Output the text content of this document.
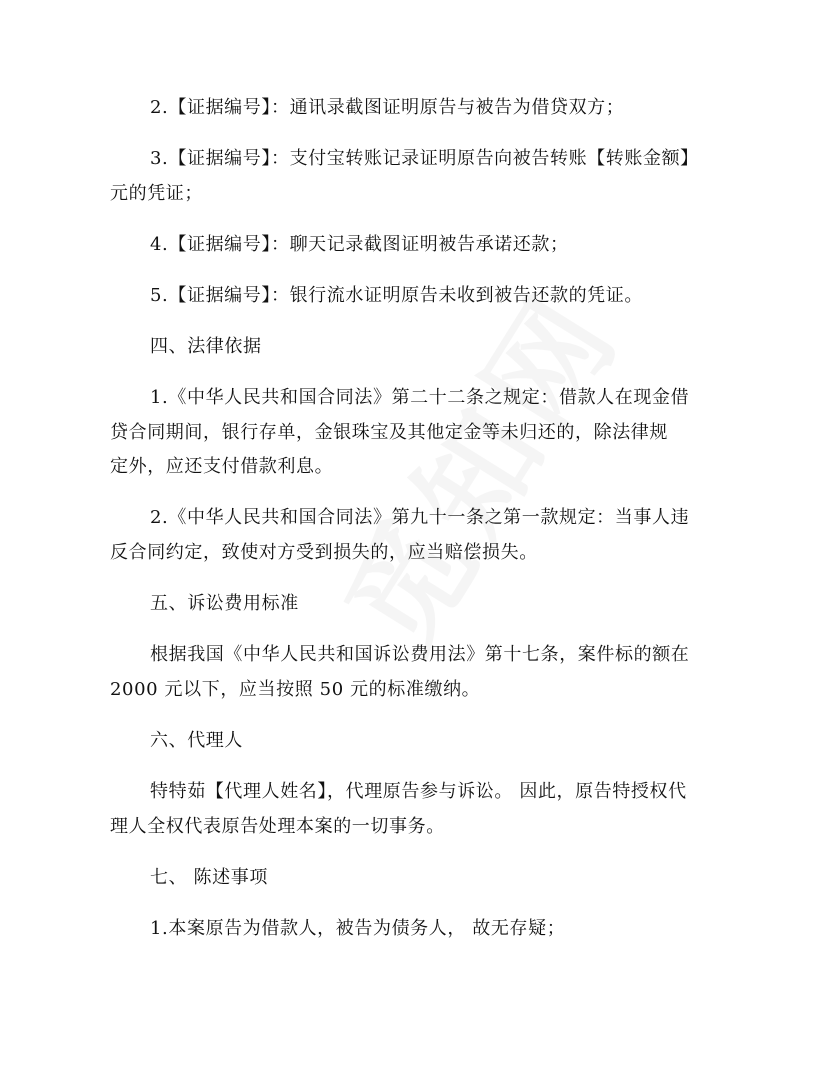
2.【证据编号】：通讯录截图证明原告与被告为借贷双方；
3.【证据编号】：支付宝转账记录证明原告向被告转账【转账金额】
元的凭证；
4.【证据编号】：聊天记录截图证明被告承诺还款；
5.【证据编号】：银行流水证明原告未收到被告还款的凭证。
四、法律依据
1.《中华人民共和国合同法》第二十二条之规定：借款人在现金借
贷合同期间，银行存单，金银珠宝及其他定金等未归还的，除法律规
定外，应还支付借款利息。
2.《中华人民共和国合同法》第九十一条之第一款规定：当事人违
反合同约定，致使对方受到损失的，应当赔偿损失。
五、诉讼费用标准
根据我国《中华人民共和国诉讼费用法》第十七条，案件标的额在
2000 元以下，应当按照 50 元的标准缴纳。
六、代理人
特特茹【代理人姓名】，代理原告参与诉讼。 因此，原告特授权代
理人全权代表原告处理本案的一切事务。
七、 陈述事项
1.本案原告为借款人，被告为债务人， 故无存疑；
